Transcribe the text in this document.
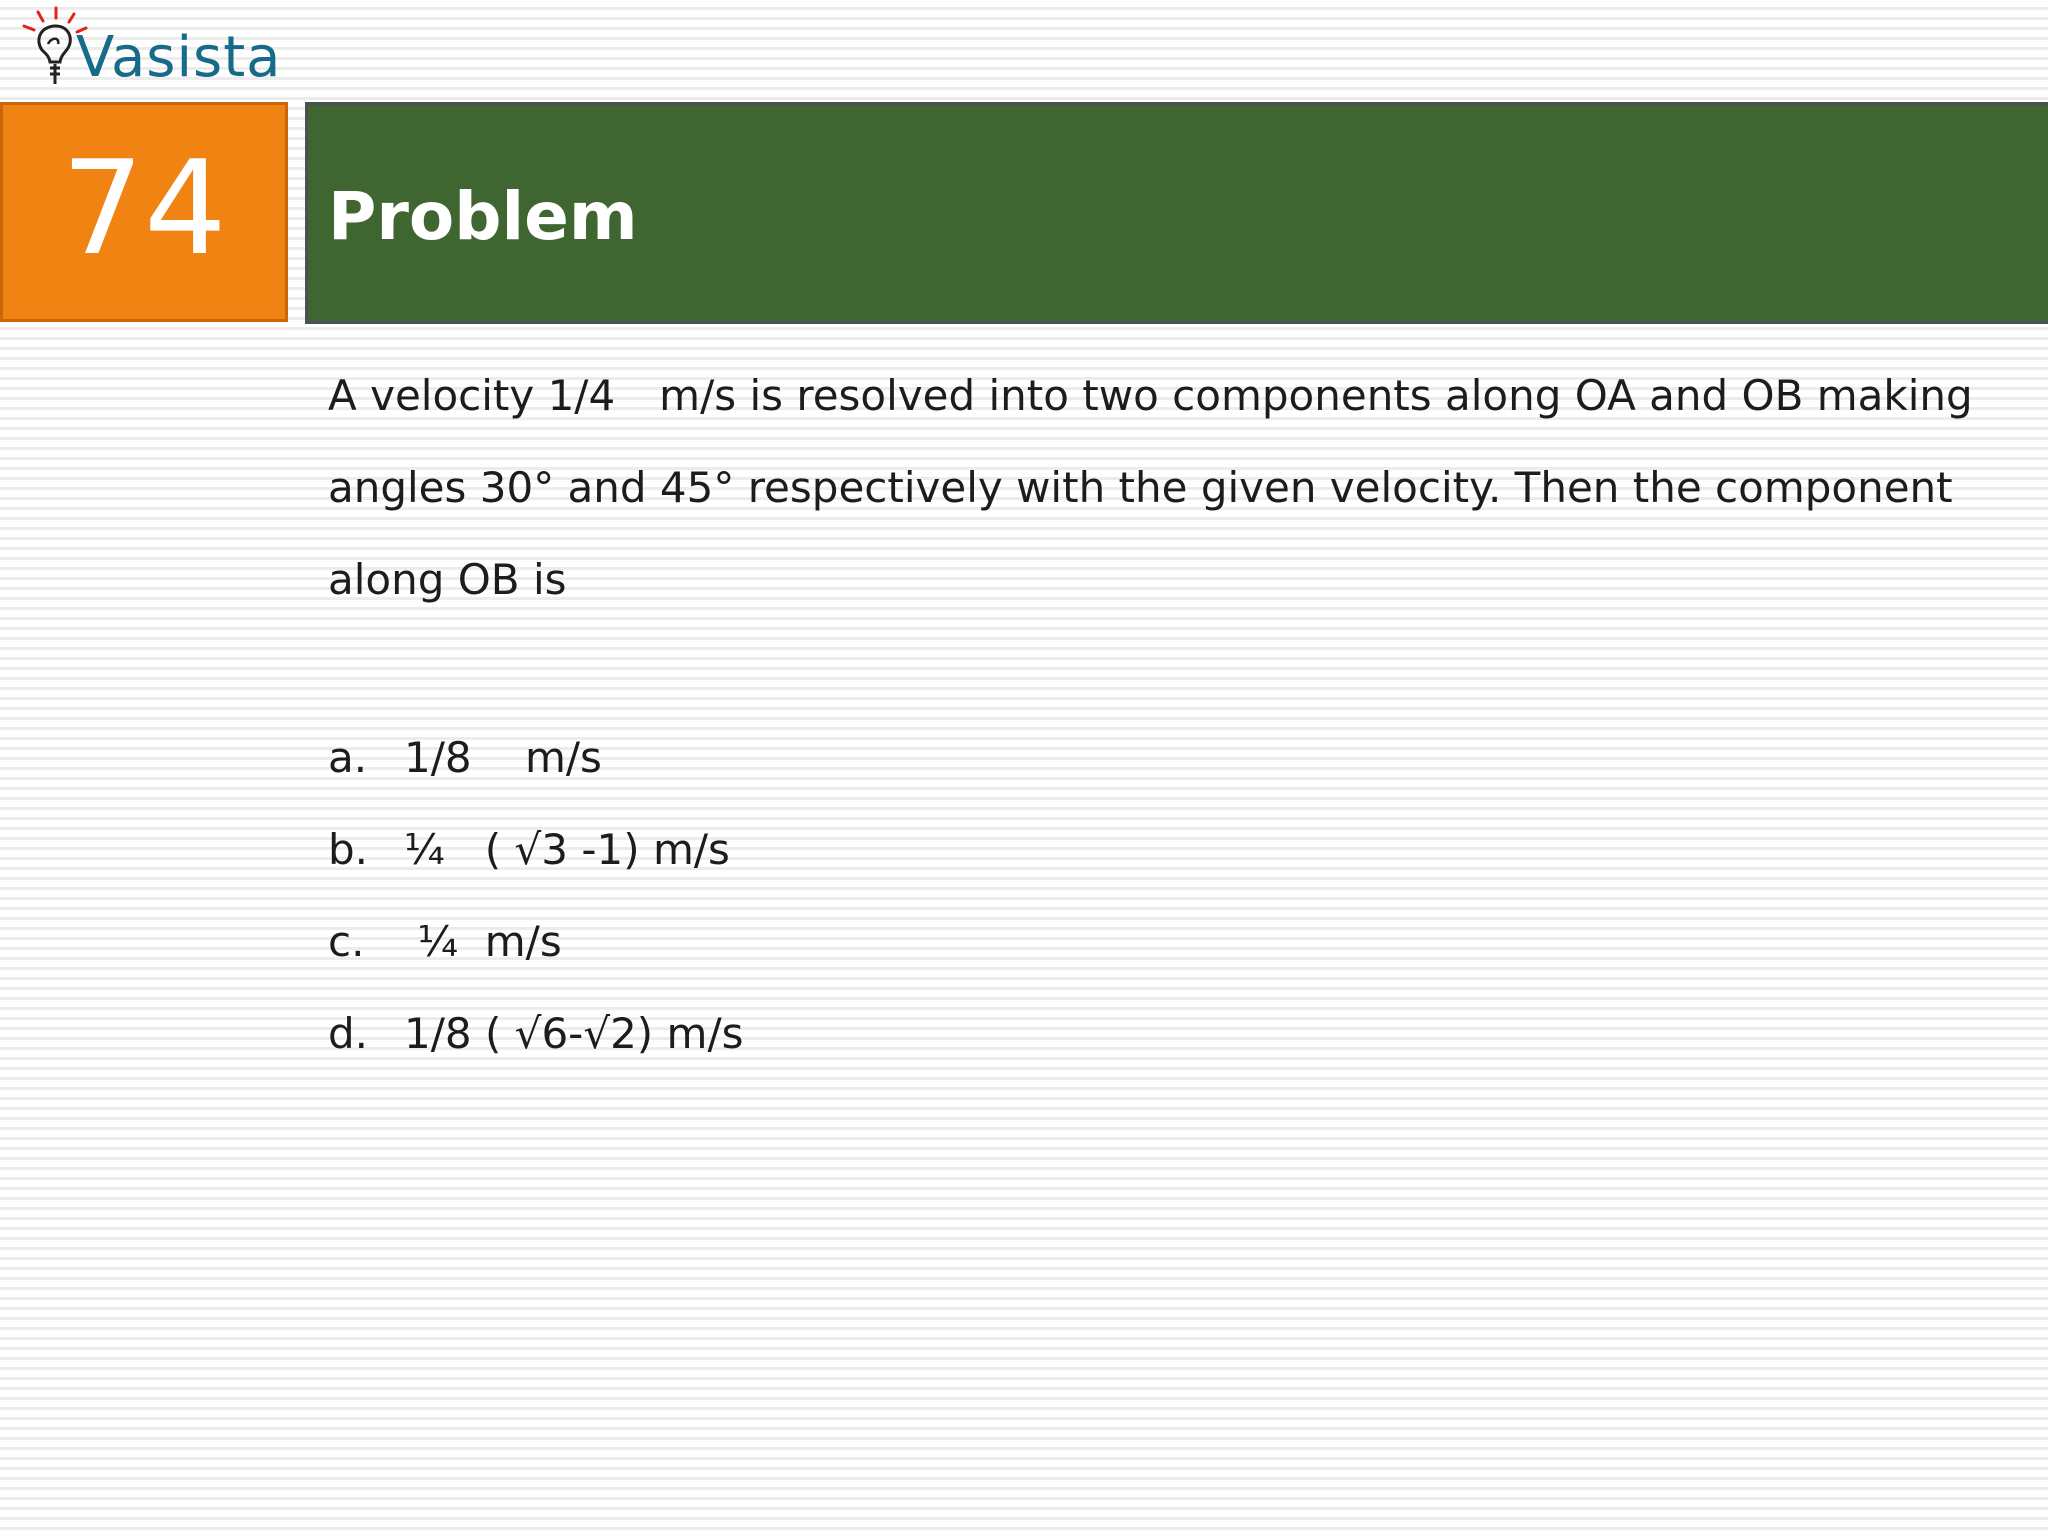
Vasista
74 Problem

A velocity 1/4 m/s is resolved into two components along OA and OB making angles 30° and 45° respectively with the given velocity. Then the component along OB is

a. 1/8    m/s
b. ¼   ( √3 -1) m/s
c. ¼  m/s
d. 1/8 ( √6-√2) m/s
